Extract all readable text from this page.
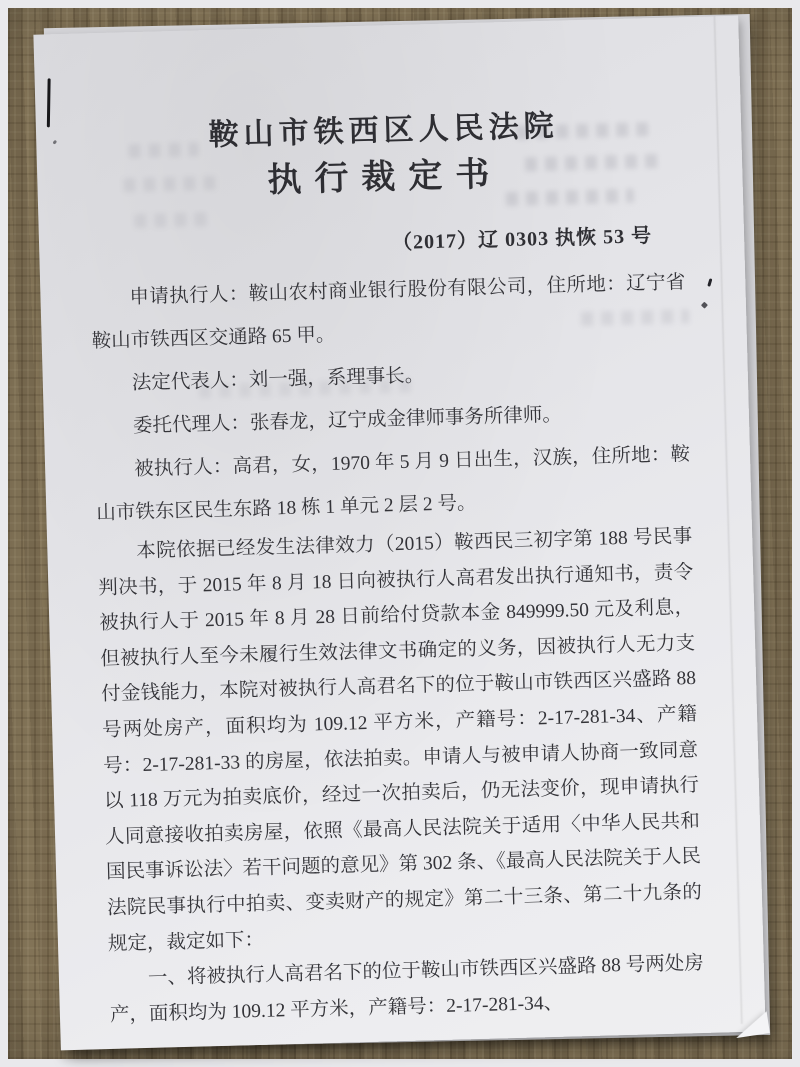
鞍山市铁西区人民法院
执行裁定书
（2017）辽 0303 执恢 53 号

申请执行人：鞍山农村商业银行股份有限公司，住所地：辽宁省鞍山市铁西区交通路 65 甲。

法定代表人：刘一强，系理事长。

委托代理人：张春龙，辽宁成金律师事务所律师。

被执行人：高君，女，1970 年 5 月 9 日出生，汉族，住所地：鞍山市铁东区民生东路 18 栋 1 单元 2 层 2 号。

本院依据已经发生法律效力（2015）鞍西民三初字第 188 号民事判决书，于 2015 年 8 月 18 日向被执行人高君发出执行通知书，责令被执行人于 2015 年 8 月 28 日前给付贷款本金 849999.50 元及利息，但被执行人至今未履行生效法律文书确定的义务，因被执行人无力支付金钱能力，本院对被执行人高君名下的位于鞍山市铁西区兴盛路 88 号两处房产，面积均为 109.12 平方米，产籍号：2-17-281-34、产籍号：2-17-281-33 的房屋，依法拍卖。申请人与被申请人协商一致同意以 118 万元为拍卖底价，经过一次拍卖后，仍无法变价，现申请执行人同意接收拍卖房屋，依照《最高人民法院关于适用〈中华人民共和国民事诉讼法〉若干问题的意见》第 302 条、《最高人民法院关于人民法院民事执行中拍卖、变卖财产的规定》第二十三条、第二十九条的规定，裁定如下：

一、将被执行人高君名下的位于鞍山市铁西区兴盛路 88 号两处房产，面积均为 109.12 平方米，产籍号：2-17-281-34、
